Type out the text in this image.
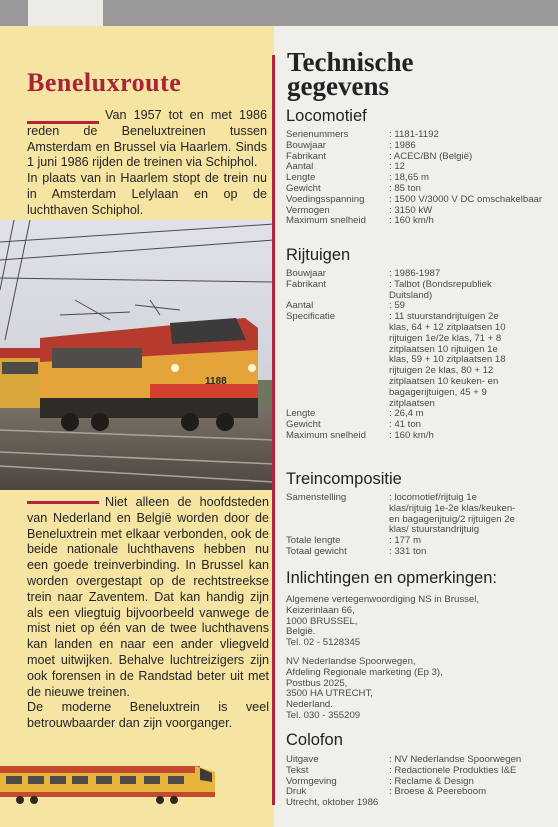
1188
Beneluxroute

Van 1957 tot en met 1986 reden de Beneluxtreinen tussen Amsterdam en Brussel via Haarlem. Sinds 1 juni 1986 rijden de treinen via Schiphol.

In plaats van in Haarlem stopt de trein nu in Amsterdam Lelylaan en op de luchthaven Schiphol.

Niet alleen de hoofdsteden van Nederland en België worden door de Beneluxtrein met elkaar verbonden, ook de beide nationale luchthavens hebben nu een goede treinverbinding. In Brussel kan worden overgestapt op de rechtstreekse trein naar Zaventem. Dat kan handig zijn als een vliegtuig bijvoorbeeld vanwege de mist niet op één van de twee luchthavens kan landen en naar een ander vliegveld moet uitwijken. Behalve luchtreizigers zijn ook forensen in de Randstad beter uit met de nieuwe treinen.

De moderne Beneluxtrein is veel betrouwbaarder dan zijn voorganger.

Technische
gegevens
Locomotief
Serienummers	: 1181-1192
Bouwjaar	: 1986
Fabrikant	: ACEC/BN (België)
Aantal	: 12
Lengte	: 18,65 m
Gewicht	: 85 ton
Voedingsspanning	: 1500 V/3000 V DC omschakelbaar
Vermogen	: 3150 kW
Maximum snelheid	: 160 km/h
Rijtuigen
Bouwjaar	: 1986-1987
Fabrikant	: Talbot (Bondsrepubliek Duitsland)
Aantal	: 59
Specificatie	: 11 stuurstandrijtuigen 2e klas, 64 + 12 zitplaatsen 10 rijtuigen 1e/2e klas, 71 + 8 zitplaatsen 10 rijtuigen 1e klas, 59 + 10 zitplaatsen 18 rijtuigen 2e klas, 80 + 12 zitplaatsen 10 keuken- en bagagerijtuigen, 45 + 9 zitplaatsen
Lengte	: 26,4 m
Gewicht	: 41 ton
Maximum snelheid	: 160 km/h
Treincompositie
Samenstelling	: locomotief/rijtuig 1e klas/rijtuig 1e-2e klas/keuken- en bagagerijtuig/2 rijtuigen 2e klas/ stuurstandrijtuig
Totale lengte	: 177 m
Totaal gewicht	: 331 ton
Inlichtingen en opmerkingen:
Algemene vertegenwoordiging NS in Brussel,
Keizerinlaan 66,
1000 BRUSSEL,
België.
Tel. 02 - 5128345
NV Nederlandse Spoorwegen,
Afdeling Regionale marketing (Ep 3),
Postbus 2025,
3500 HA UTRECHT,
Nederland.
Tel. 030 - 355209
Colofon
Uitgave	: NV Nederlandse Spoorwegen
Tekst	: Redactionele Produkties I&E
Vormgeving	: Reclame & Design
Druk	: Broese & Peereboom
Utrecht, oktober 1986
